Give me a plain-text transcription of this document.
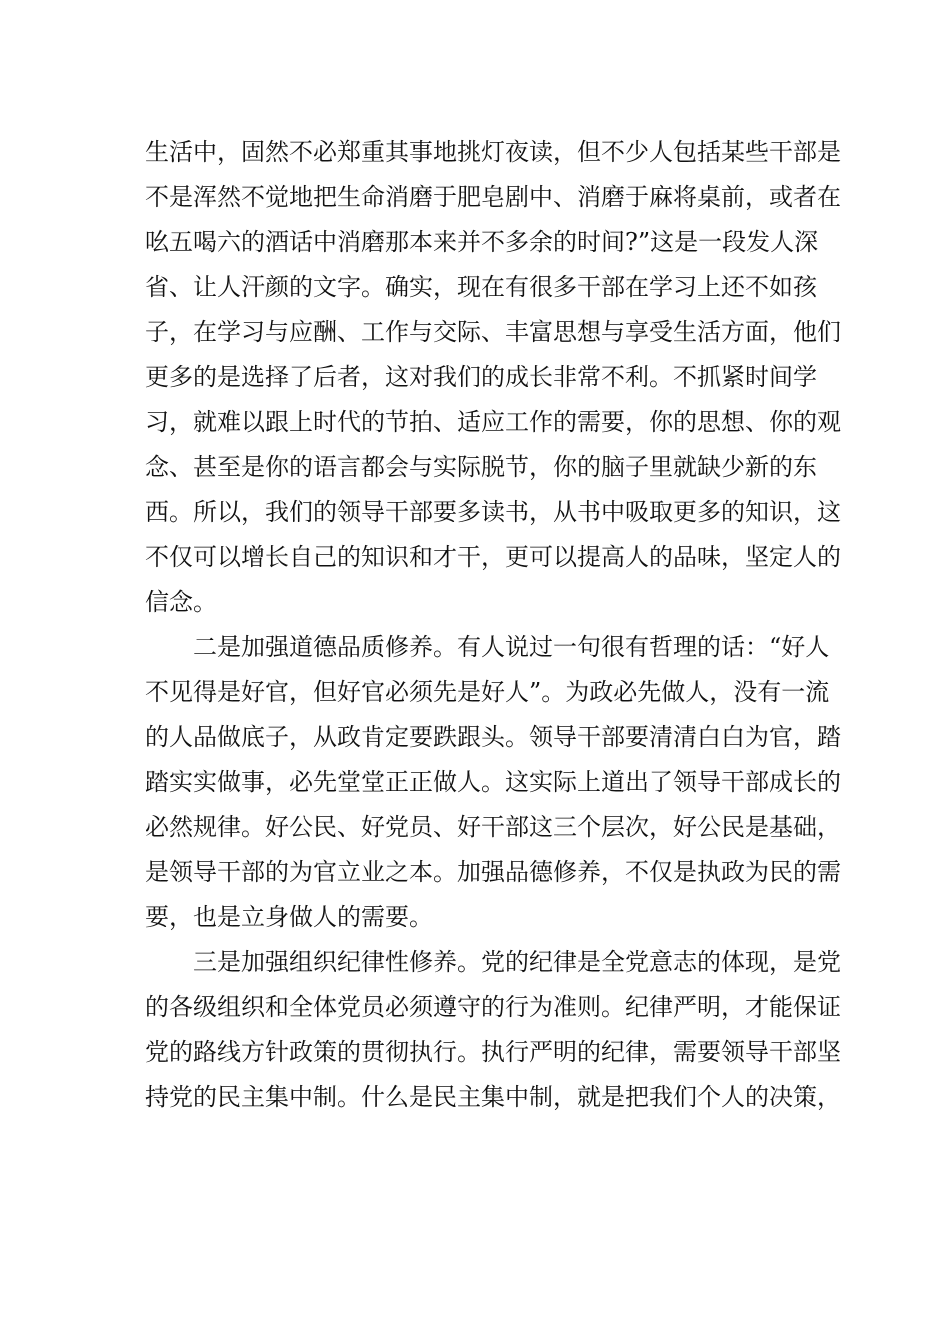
生活中，固然不必郑重其事地挑灯夜读，但不少人包括某些干部是
不是浑然不觉地把生命消磨于肥皂剧中、消磨于麻将桌前，或者在
吆五喝六的酒话中消磨那本来并不多余的时间?”这是一段发人深
省、让人汗颜的文字。确实，现在有很多干部在学习上还不如孩
子，在学习与应酬、工作与交际、丰富思想与享受生活方面，他们
更多的是选择了后者，这对我们的成长非常不利。不抓紧时间学
习，就难以跟上时代的节拍、适应工作的需要，你的思想、你的观
念、甚至是你的语言都会与实际脱节，你的脑子里就缺少新的东
西。所以，我们的领导干部要多读书，从书中吸取更多的知识，这
不仅可以增长自己的知识和才干，更可以提高人的品味，坚定人的
信念。
二是加强道德品质修养。有人说过一句很有哲理的话：“好人
不见得是好官，但好官必须先是好人”。为政必先做人，没有一流
的人品做底子，从政肯定要跌跟头。领导干部要清清白白为官，踏
踏实实做事，必先堂堂正正做人。这实际上道出了领导干部成长的
必然规律。好公民、好党员、好干部这三个层次，好公民是基础，
是领导干部的为官立业之本。加强品德修养，不仅是执政为民的需
要，也是立身做人的需要。
三是加强组织纪律性修养。党的纪律是全党意志的体现，是党
的各级组织和全体党员必须遵守的行为准则。纪律严明，才能保证
党的路线方针政策的贯彻执行。执行严明的纪律，需要领导干部坚
持党的民主集中制。什么是民主集中制，就是把我们个人的决策，
